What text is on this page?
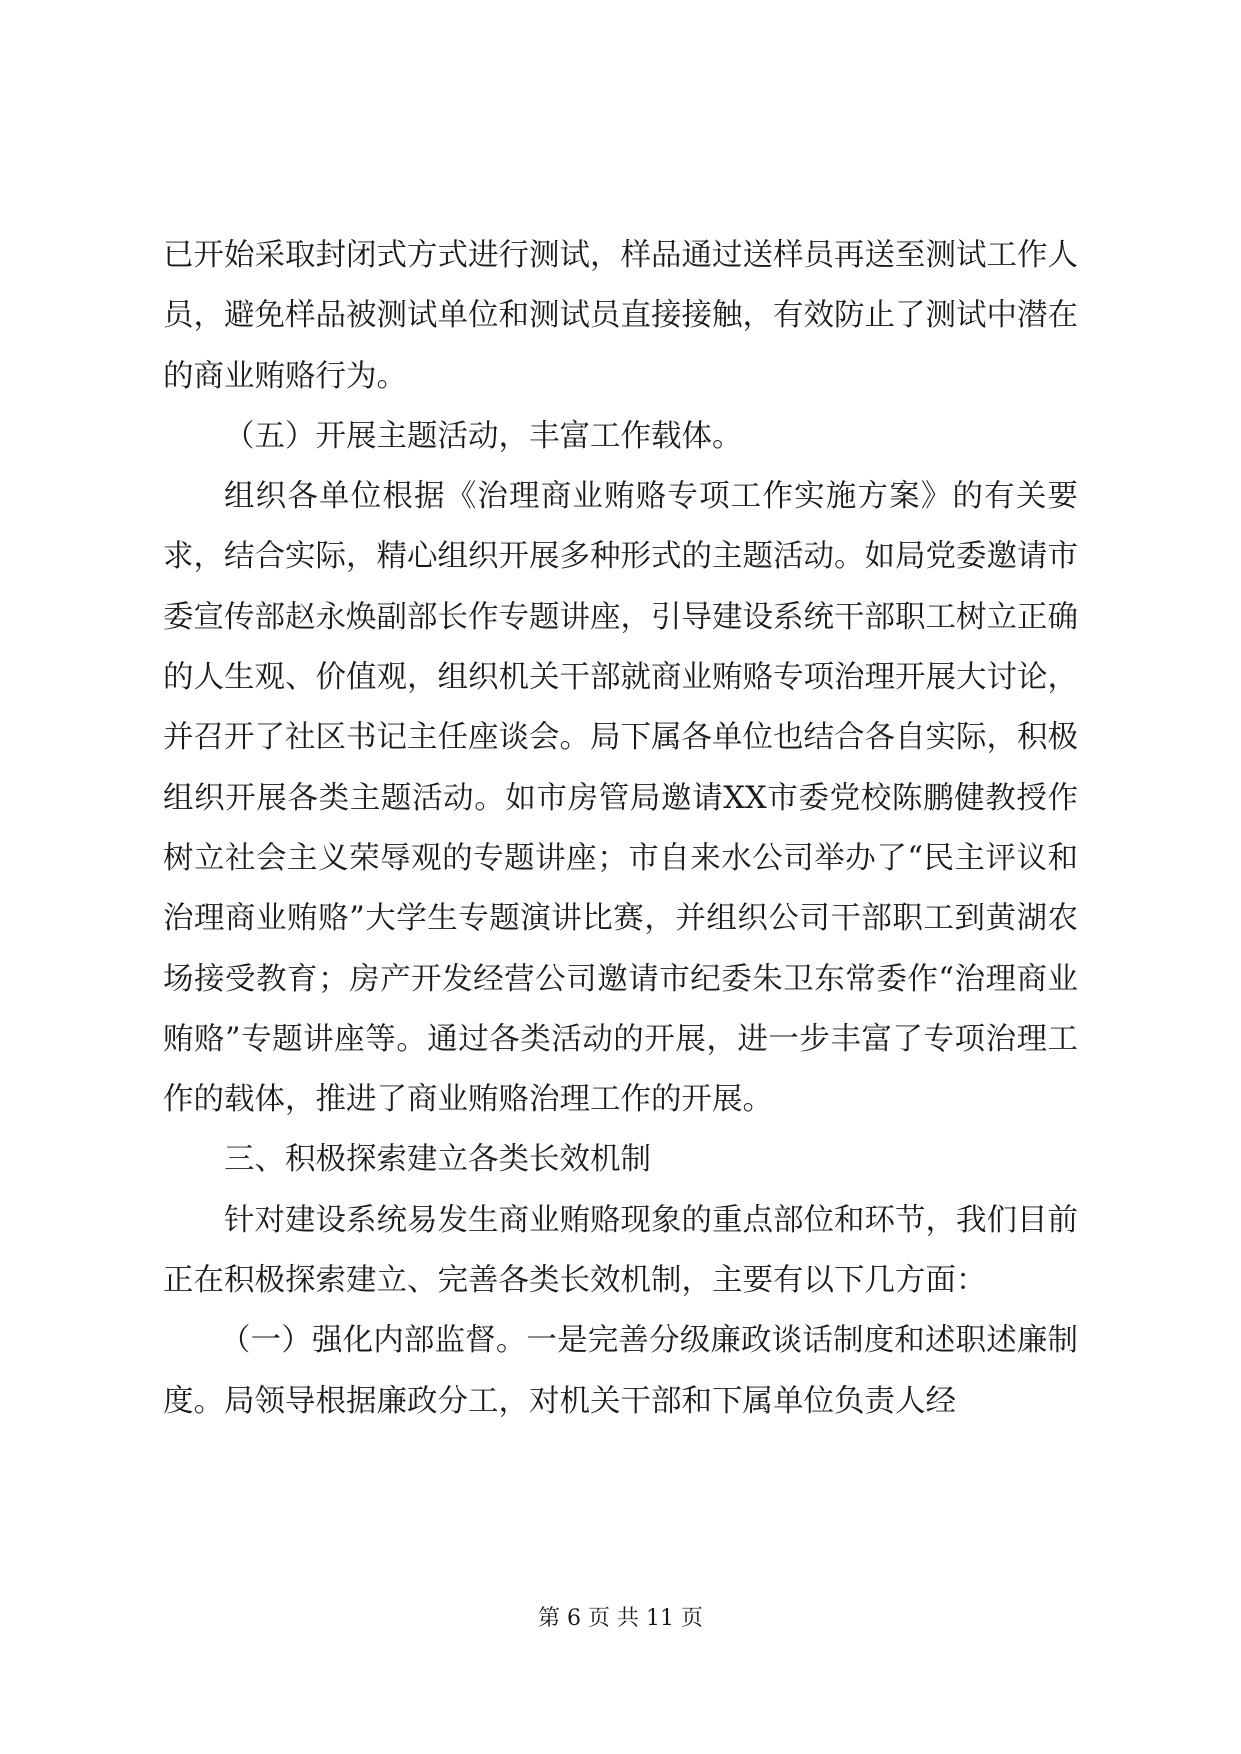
已开始采取封闭式方式进行测试，样品通过送样员再送至测试工作人员，避免样品被测试单位和测试员直接接触，有效防止了测试中潜在的商业贿赂行为。

（五）开展主题活动，丰富工作载体。

组织各单位根据《治理商业贿赂专项工作实施方案》的有关要求，结合实际，精心组织开展多种形式的主题活动。如局党委邀请市委宣传部赵永焕副部长作专题讲座，引导建设系统干部职工树立正确的人生观、价值观，组织机关干部就商业贿赂专项治理开展大讨论，并召开了社区书记主任座谈会。局下属各单位也结合各自实际，积极组织开展各类主题活动。如市房管局邀请XX市委党校陈鹏健教授作树立社会主义荣辱观的专题讲座；市自来水公司举办了“民主评议和治理商业贿赂”大学生专题演讲比赛，并组织公司干部职工到黄湖农场接受教育；房产开发经营公司邀请市纪委朱卫东常委作“治理商业贿赂”专题讲座等。通过各类活动的开展，进一步丰富了专项治理工作的载体，推进了商业贿赂治理工作的开展。

三、积极探索建立各类长效机制

针对建设系统易发生商业贿赂现象的重点部位和环节，我们目前正在积极探索建立、完善各类长效机制，主要有以下几方面：

（一）强化内部监督。一是完善分级廉政谈话制度和述职述廉制度。局领导根据廉政分工，对机关干部和下属单位负责人经

第 6 页 共 11 页
